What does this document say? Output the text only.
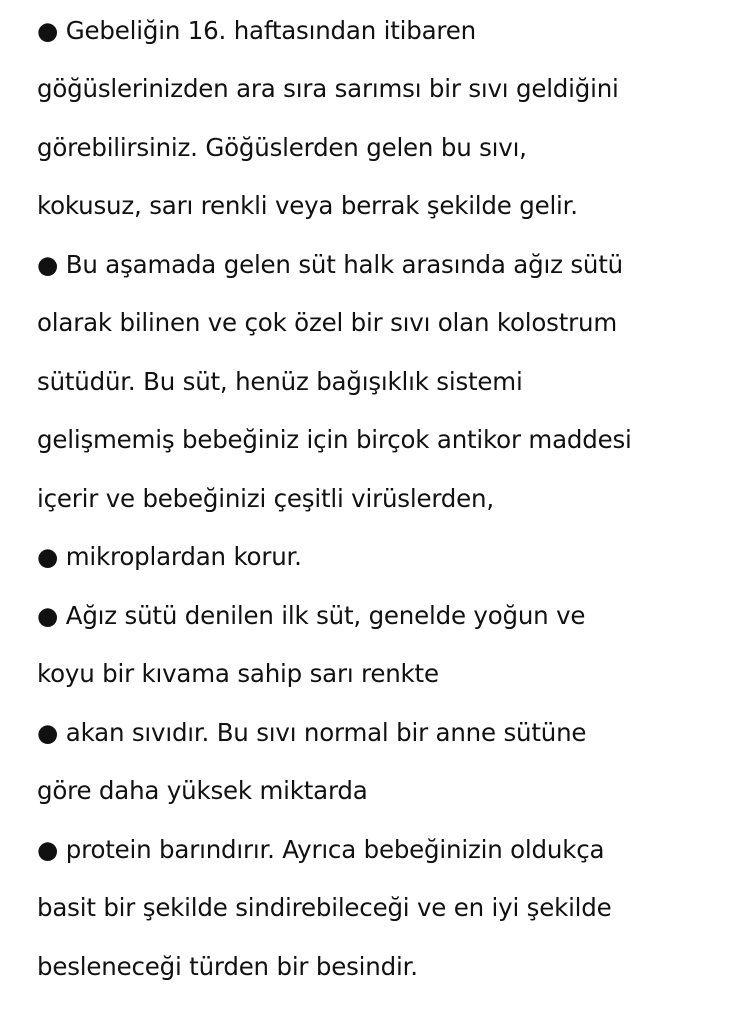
● Gebeliğin 16. haftasından itibaren
göğüslerinizden ara sıra sarımsı bir sıvı geldiğini
görebilirsiniz. Göğüslerden gelen bu sıvı,
kokusuz, sarı renkli veya berrak şekilde gelir.
● Bu aşamada gelen süt halk arasında ağız sütü
olarak bilinen ve çok özel bir sıvı olan kolostrum
sütüdür. Bu süt, henüz bağışıklık sistemi
gelişmemiş bebeğiniz için birçok antikor maddesi
içerir ve bebeğinizi çeşitli virüslerden,
● mikroplardan korur.
● Ağız sütü denilen ilk süt, genelde yoğun ve
koyu bir kıvama sahip sarı renkte
● akan sıvıdır. Bu sıvı normal bir anne sütüne
göre daha yüksek miktarda
● protein barındırır. Ayrıca bebeğinizin oldukça
basit bir şekilde sindirebileceği ve en iyi şekilde
besleneceği türden bir besindir.
